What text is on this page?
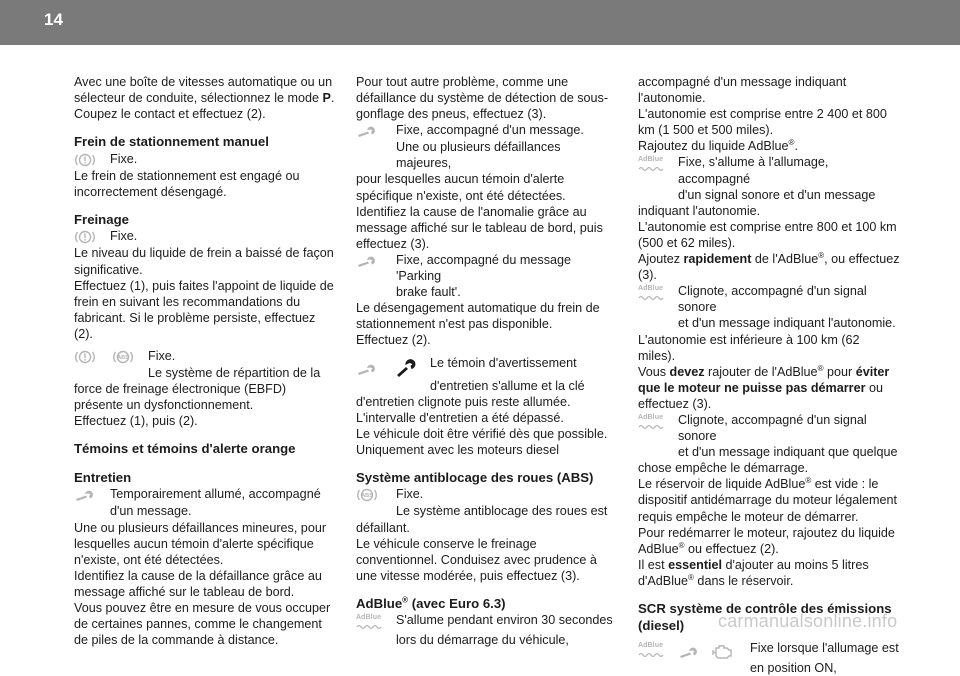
14

Avec une boîte de vitesses automatique ou un sélecteur de conduite, sélectionnez le mode P. Coupez le contact et effectuez (2).

Frein de stationnement manuel
Fixe.

Le frein de stationnement est engagé ou incorrectement désengagé.

Freinage
Fixe.

Le niveau du liquide de frein a baissé de façon significative.
Effectuez (1), puis faites l'appoint de liquide de frein en suivant les recommandations du fabricant. Si le problème persiste, effectuez (2).

ABS Fixe.
Le système de répartition de la

force de freinage électronique (EBFD) présente un dysfonctionnement.
Effectuez (1), puis (2).

Témoins et témoins d'alerte orange
Entretien
Temporairement allumé, accompagné
d'un message.

Une ou plusieurs défaillances mineures, pour lesquelles aucun témoin d'alerte spécifique n'existe, ont été détectées.
Identifiez la cause de la défaillance grâce au message affiché sur le tableau de bord.
Vous pouvez être en mesure de vous occuper de certaines pannes, comme le changement de piles de la commande à distance.

Pour tout autre problème, comme une défaillance du système de détection de sous-gonflage des pneus, effectuez (3).

Fixe, accompagné d'un message.
Une ou plusieurs défaillances majeures,

pour lesquelles aucun témoin d'alerte spécifique n'existe, ont été détectées.
Identifiez la cause de l'anomalie grâce au message affiché sur le tableau de bord, puis effectuez (3).

Fixe, accompagné du message 'Parking
brake fault'.

Le désengagement automatique du frein de stationnement n'est pas disponible.
Effectuez (2).

Le témoin d'avertissement
d'entretien s'allume et la clé

d'entretien clignote puis reste allumée.
L'intervalle d'entretien a été dépassé.
Le véhicule doit être vérifié dès que possible. Uniquement avec les moteurs diesel

Système antiblocage des roues (ABS)
ABS Fixe.
Le système antiblocage des roues est

défaillant.
Le véhicule conserve le freinage conventionnel. Conduisez avec prudence à une vitesse modérée, puis effectuez (3).

AdBlue® (avec Euro 6.3)
AdBlue	S'allume pendant environ 30 secondes
lors du démarrage du véhicule,

accompagné d'un message indiquant l'autonomie.
L'autonomie est comprise entre 2 400 et 800 km (1 500 et 500 miles).

Rajoutez du liquide AdBlue®.

AdBlue	Fixe, s'allume à l'allumage, accompagné
d'un signal sonore et d'un message

indiquant l'autonomie.
L'autonomie est comprise entre 800 et 100 km (500 et 62 miles).

Ajoutez rapidement de l'AdBlue®, ou effectuez (3).

AdBlue	Clignote, accompagné d'un signal sonore
et d'un message indiquant l'autonomie.

L'autonomie est inférieure à 100 km (62 miles).

Vous devez rajouter de l'AdBlue® pour éviter que le moteur ne puisse pas démarrer ou effectuez (3).

AdBlue	Clignote, accompagné d'un signal sonore
et d'un message indiquant que quelque

chose empêche le démarrage.

Le réservoir de liquide AdBlue® est vide : le dispositif antidémarrage du moteur légalement requis empêche le moteur de démarrer.

Pour redémarrer le moteur, rajoutez du liquide AdBlue® ou effectuez (2).

Il est essentiel d'ajouter au moins 5 litres d'AdBlue® dans le réservoir.

SCR système de contrôle des émissions (diesel)
AdBlue	Fixe lorsque l'allumage est
en position ON,
carmanualsonline.info
